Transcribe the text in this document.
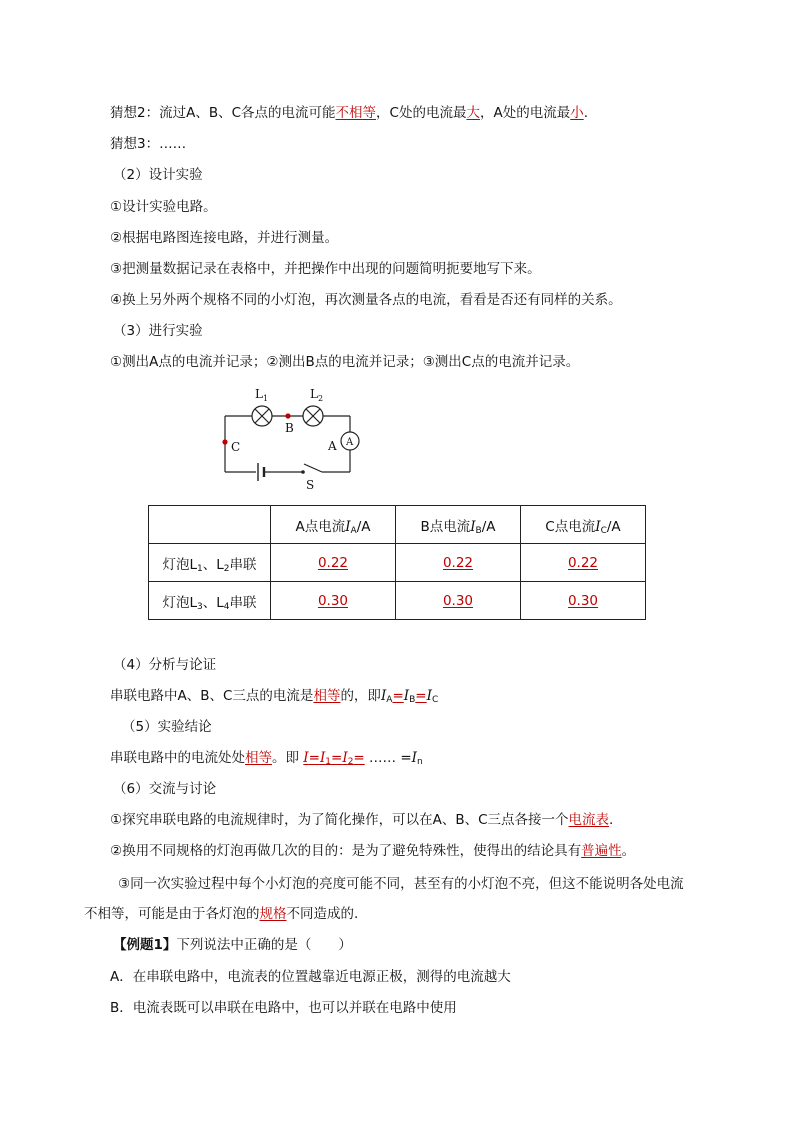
猜想2：流过A、B、C各点的电流可能不相等，C处的电流最大，A处的电流最小.
猜想3：……
（2）设计实验
①设计实验电路。
②根据电路图连接电路，并进行测量。
③把测量数据记录在表格中，并把操作中出现的问题简明扼要地写下来。
④换上另外两个规格不同的小灯泡，再次测量各点的电流，看看是否还有同样的关系。
（3）进行实验
①测出A点的电流并记录；②测出B点的电流并记录；③测出C点的电流并记录。
$L_1$	$L_2$
B
C	A
S
A
	A点电流$I_A/A$	B点电流$I_B/A$	C点电流$I_C/A$
灯泡$L_1$、$L_2$串联	0.22	0.22	0.22
灯泡$L_3$、$L_4$串联	0.30	0.30	0.30
（4）分析与论证
串联电路中A、B、C三点的电流是相等的，即$I_A=I_B=I_C$
（5）实验结论
串联电路中的电流处处相等。即 $I=I_1=I_2=$ …… $=I_n$
（6）交流与讨论
①探究串联电路的电流规律时，为了简化操作，可以在A、B、C三点各接一个电流表.
②换用不同规格的灯泡再做几次的目的：是为了避免特殊性，使得出的结论具有普遍性。
③同一次实验过程中每个小灯泡的亮度可能不同，甚至有的小灯泡不亮，但这不能说明各处电流
不相等，可能是由于各灯泡的规格不同造成的.
【例题1】下列说法中正确的是（　　）
A．在串联电路中，电流表的位置越靠近电源正极，测得的电流越大
B．电流表既可以串联在电路中，也可以并联在电路中使用
